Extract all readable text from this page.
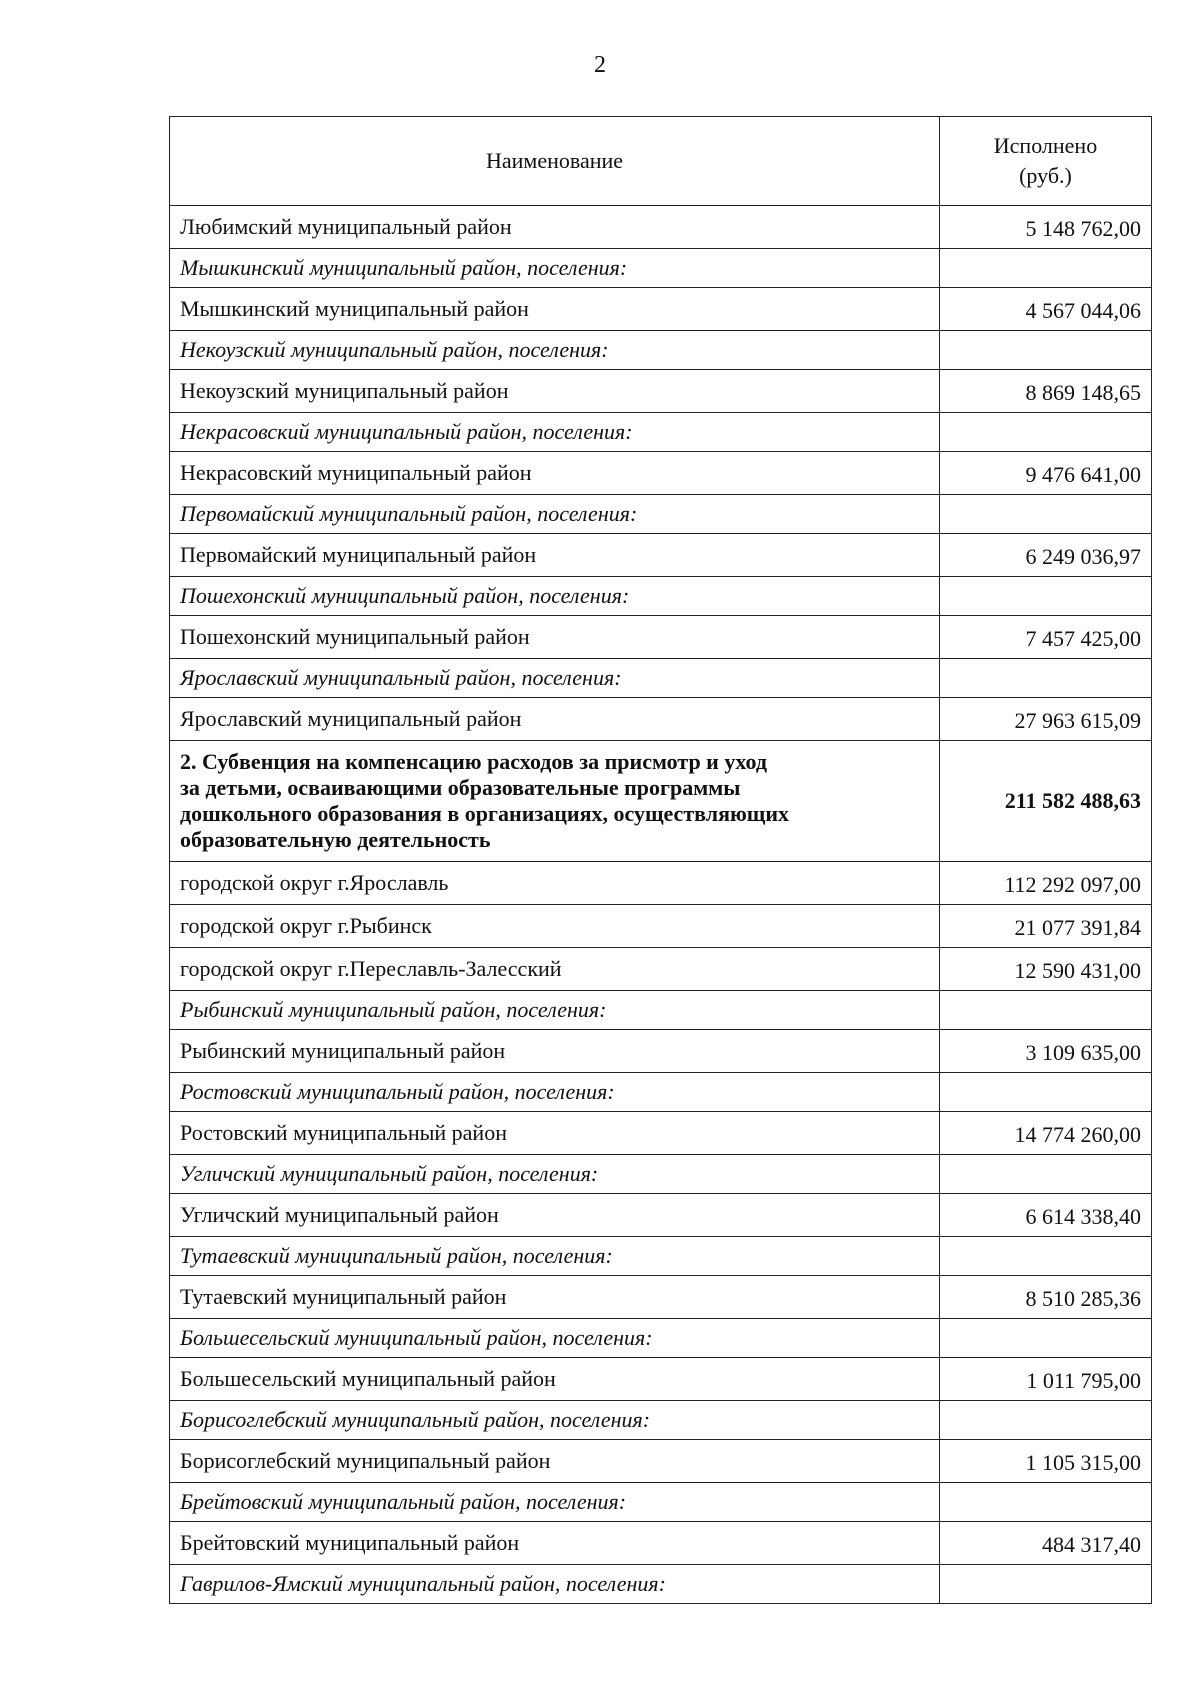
2
Наименование	Исполнено
(руб.)

Любимский муниципальный район	5 148 762,00
Мышкинский муниципальный район, поселения:	
Мышкинский муниципальный район	4 567 044,06
Некоузский муниципальный район, поселения:	
Некоузский муниципальный район	8 869 148,65
Некрасовский муниципальный район, поселения:	
Некрасовский муниципальный район	9 476 641,00
Первомайский муниципальный район, поселения:	
Первомайский муниципальный район	6 249 036,97
Пошехонский муниципальный район, поселения:	
Пошехонский муниципальный район	7 457 425,00
Ярославский муниципальный район, поселения:	
Ярославский муниципальный район	27 963 615,09

2. Субвенция на компенсацию расходов за присмотр и уход
за детьми, осваивающими образовательные программы
дошкольного образования в организациях, осуществляющих
образовательную деятельность	211 582 488,63
городской округ г.Ярославль	112 292 097,00
городской округ г.Рыбинск	21 077 391,84
городской округ г.Переславль-Залесский	12 590 431,00
Рыбинский муниципальный район, поселения:	
Рыбинский муниципальный район	3 109 635,00
Ростовский муниципальный район, поселения:	
Ростовский муниципальный район	14 774 260,00
Угличский муниципальный район, поселения:	
Угличский муниципальный район	6 614 338,40
Тутаевский муниципальный район, поселения:	
Тутаевский муниципальный район	8 510 285,36
Большесельский муниципальный район, поселения:	
Большесельский муниципальный район	1 011 795,00
Борисоглебский муниципальный район, поселения:	
Борисоглебский муниципальный район	1 105 315,00
Брейтовский муниципальный район, поселения:	
Брейтовский муниципальный район	484 317,40
Гаврилов-Ямский муниципальный район, поселения:	
